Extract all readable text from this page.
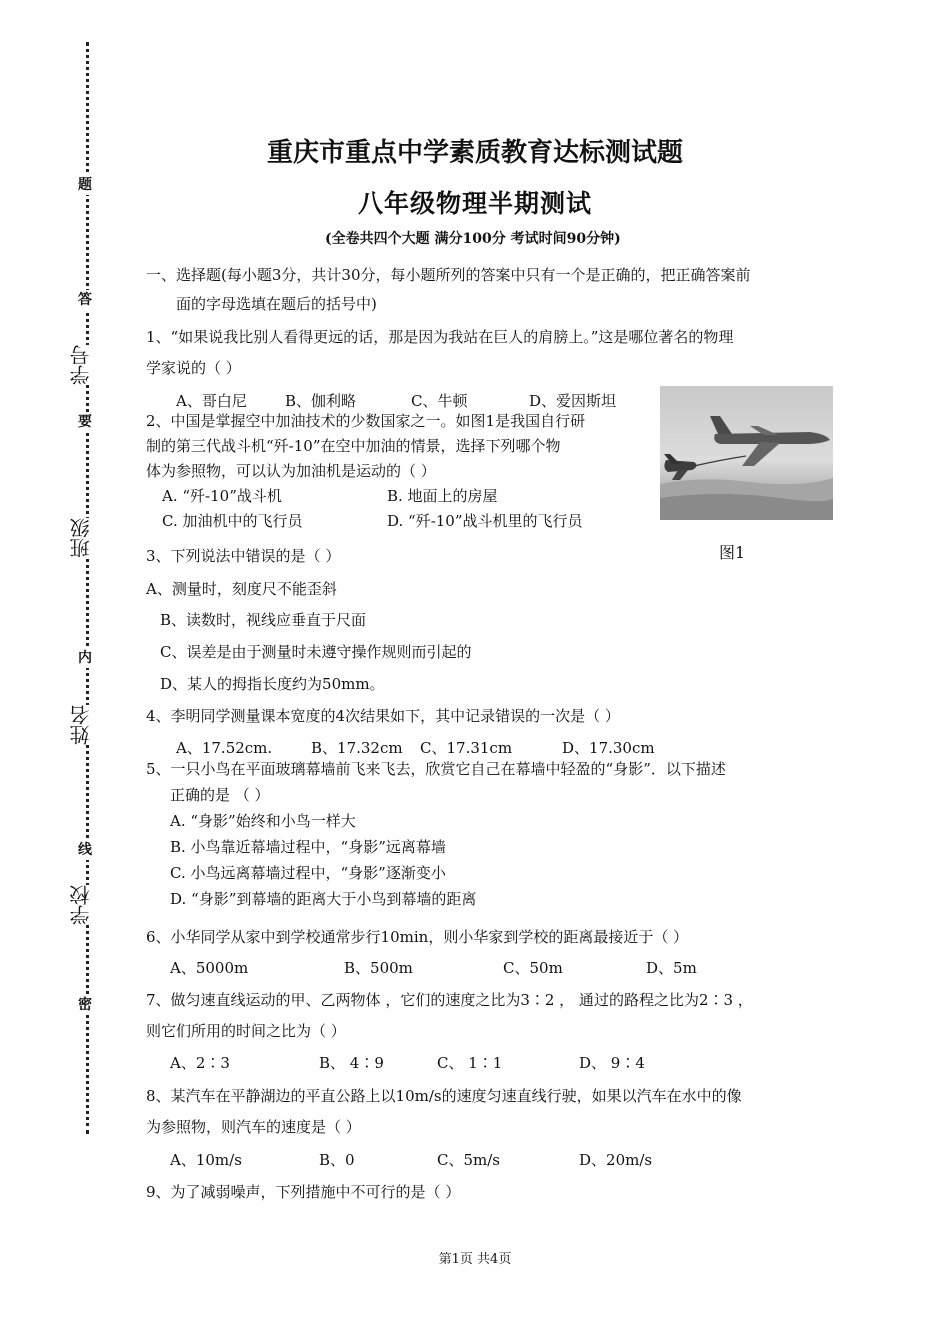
密
线
内
要
答
题
学校
姓名
班级
学号
重庆市重点中学素质教育达标测试题
八年级物理半期测试
(全卷共四个大题 满分100分 考试时间90分钟)
一、选择题(每小题3分，共计30分，每小题所列的答案中只有一个是正确的，把正确答案前
面的字母选填在题后的括号中)
1、“如果说我比别人看得更远的话，那是因为我站在巨人的肩膀上。”这是哪位著名的物理
学家说的（ ）
A、哥白尼	B、伽利略	C、牛顿	D、爱因斯坦
2、中国是掌握空中加油技术的少数国家之一。如图1是我国自行研
制的第三代战斗机“歼-10”在空中加油的情景，选择下列哪个物
体为参照物，可以认为加油机是运动的（ ）
A. “歼-10”战斗机	B. 地面上的房屋
C. 加油机中的飞行员	D. “歼-10”战斗机里的飞行员
图1
3、下列说法中错误的是（ ）
A、测量时，刻度尺不能歪斜
B、读数时，视线应垂直于尺面
C、误差是由于测量时未遵守操作规则而引起的
D、某人的拇指长度约为50mm。
4、李明同学测量课本宽度的4次结果如下，其中记录错误的一次是（ ）
A、17.52cm.	B、17.32cm C、17.31cm	D、17.30cm
5、一只小鸟在平面玻璃幕墙前飞来飞去，欣赏它自己在幕墙中轻盈的“身影”．以下描述
正确的是 （ ）
A. “身影”始终和小鸟一样大
B. 小鸟靠近幕墙过程中，“身影”远离幕墙
C. 小鸟远离幕墙过程中，“身影”逐渐变小
D. “身影”到幕墙的距离大于小鸟到幕墙的距离
6、小华同学从家中到学校通常步行10min，则小华家到学校的距离最接近于（ ）
A、5000m	B、500m	C、50m	D、5m
7、做匀速直线运动的甲、乙两物体 ，它们的速度之比为3∶2 ， 通过的路程之比为2∶3 ，
则它们所用的时间之比为（ ）
A、2∶3	B、 4∶9	C、 1∶1	D、 9∶4
8、某汽车在平静湖边的平直公路上以10m/s的速度匀速直线行驶，如果以汽车在水中的像
为参照物，则汽车的速度是（ ）
A、10m/s	B、0	C、5m/s	D、20m/s
9、为了减弱噪声，下列措施中不可行的是（ ）
第1页 共4页
